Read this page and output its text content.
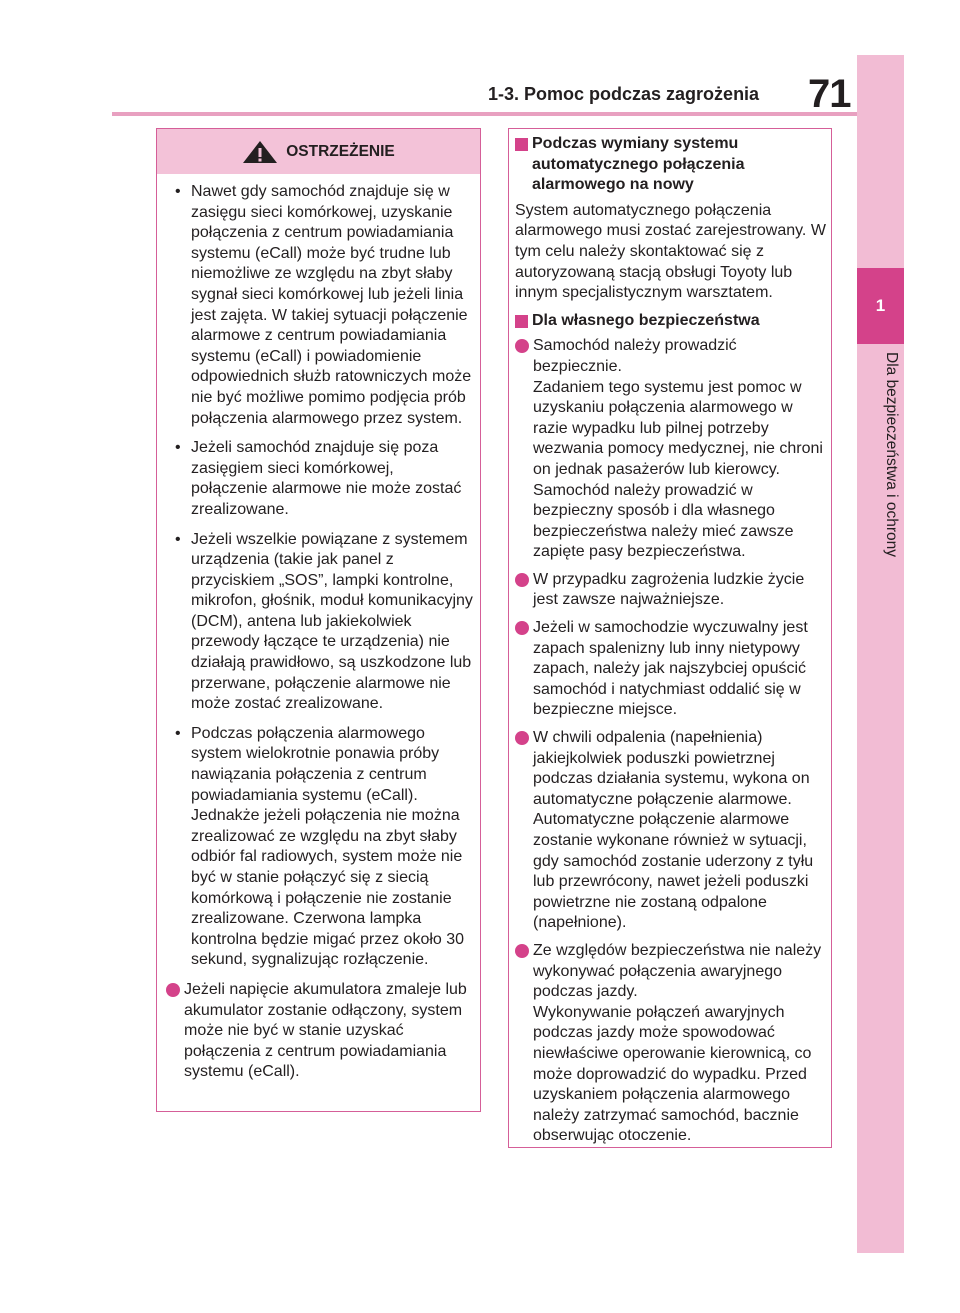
1-3. Pomoc podczas zagrożenia 71
1
Dla bezpieczeństwa i ochrony
OSTRZEŻENIE
• Nawet gdy samochód znajduje się w zasięgu sieci komórkowej, uzyskanie połączenia z centrum powiadamiania systemu (eCall) może być trudne lub niemożliwe ze względu na zbyt słaby sygnał sieci komórkowej lub jeżeli linia jest zajęta. W takiej sytuacji połączenie alarmowe z centrum powiadamiania systemu (eCall) i powiadomienie odpowiednich służb ratowniczych może nie być możliwe pomimo podjęcia prób połączenia alarmowego przez system.
• Jeżeli samochód znajduje się poza zasięgiem sieci komórkowej, połączenie alarmowe nie może zostać zrealizowane.
• Jeżeli wszelkie powiązane z systemem urządzenia (takie jak panel z przyciskiem „SOS”, lampki kontrolne, mikrofon, głośnik, moduł komunikacyjny (DCM), antena lub jakiekolwiek przewody łączące te urządzenia) nie działają prawidłowo, są uszkodzone lub przerwane, połączenie alarmowe nie może zostać zrealizowane.
• Podczas połączenia alarmowego system wielokrotnie ponawia próby nawiązania połączenia z centrum powiadamiania systemu (eCall). Jednakże jeżeli połączenia nie można zrealizować ze względu na zbyt słaby odbiór fal radiowych, system może nie być w stanie połączyć się z siecią komórkową i połączenie nie zostanie zrealizowane. Czerwona lampka kontrolna będzie migać przez około 30 sekund, sygnalizując rozłączenie.
Jeżeli napięcie akumulatora zmaleje lub akumulator zostanie odłączony, system może nie być w stanie uzyskać połączenia z centrum powiadamiania systemu (eCall).
Podczas wymiany systemu automatycznego połączenia alarmowego na nowy
System automatycznego połączenia alarmowego musi zostać zarejestrowany. W tym celu należy skontaktować się z autoryzowaną stacją obsługi Toyoty lub innym specjalistycznym warsztatem.
Dla własnego bezpieczeństwa
Samochód należy prowadzić bezpiecznie.
Zadaniem tego systemu jest pomoc w uzyskaniu połączenia alarmowego w razie wypadku lub pilnej potrzeby wezwania pomocy medycznej, nie chroni on jednak pasażerów lub kierowcy. Samochód należy prowadzić w bezpieczny sposób i dla własnego bezpieczeństwa należy mieć zawsze zapięte pasy bezpieczeństwa.
W przypadku zagrożenia ludzkie życie jest zawsze najważniejsze.
Jeżeli w samochodzie wyczuwalny jest zapach spalenizny lub inny nietypowy zapach, należy jak najszybciej opuścić samochód i natychmiast oddalić się w bezpieczne miejsce.
W chwili odpalenia (napełnienia) jakiejkolwiek poduszki powietrznej podczas działania systemu, wykona on automatyczne połączenie alarmowe. Automatyczne połączenie alarmowe zostanie wykonane również w sytuacji, gdy samochód zostanie uderzony z tyłu lub przewrócony, nawet jeżeli poduszki powietrzne nie zostaną odpalone (napełnione).
Ze względów bezpieczeństwa nie należy wykonywać połączenia awaryjnego podczas jazdy.
Wykonywanie połączeń awaryjnych podczas jazdy może spowodować niewłaściwe operowanie kierownicą, co może doprowadzić do wypadku. Przed uzyskaniem połączenia alarmowego należy zatrzymać samochód, bacznie obserwując otoczenie.
